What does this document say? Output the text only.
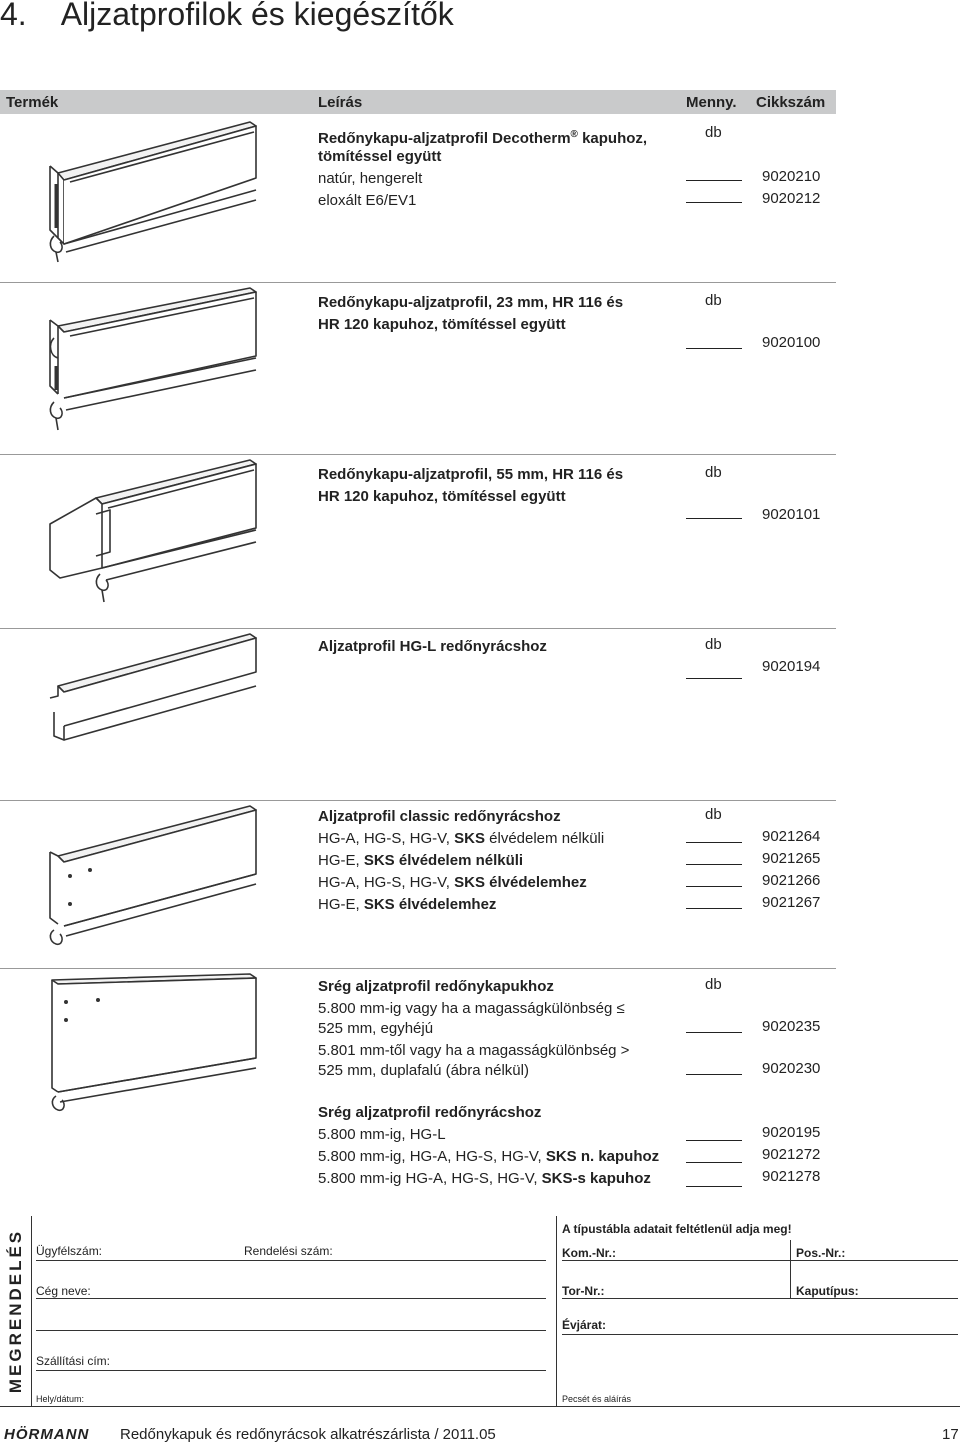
4. Aljzatprofilok és kiegészítők
Termék	Leírás	Menny. Cikkszám
Redőnykapu-aljzatprofil Decotherm® kapuhoz,
tömítéssel együtt
db
natúr, hengerelt	9020210
eloxált E6/EV1	9020212
Redőnykapu-aljzatprofil, 23 mm, HR 116 és
HR 120 kapuhoz, tömítéssel együtt
db
9020100
Redőnykapu-aljzatprofil, 55 mm, HR 116 és
HR 120 kapuhoz, tömítéssel együtt
db
9020101
Aljzatprofil HG-L redőnyrácshoz	db
9020194
Aljzatprofil classic redőnyrácshoz	db
HG-A, HG-S, HG-V, SKS élvédelem nélküli	9021264
HG-E, SKS élvédelem nélküli	9021265
HG-A, HG-S, HG-V, SKS élvédelemhez	9021266
HG-E, SKS élvédelemhez	9021267
Srég aljzatprofil redőnykapukhoz	db
5.800 mm-ig vagy ha a magasságkülönbség ≤
525 mm, egyhéjú	9020235
5.801 mm-től vagy ha a magasságkülönbség >
525 mm, duplafalú (ábra nélkül)	9020230
Srég aljzatprofil redőnyrácshoz
5.800 mm-ig, HG-L	9020195
5.800 mm-ig, HG-A, HG-S, HG-V, SKS n. kapuhoz	9021272
5.800 mm-ig HG-A, HG-S, HG-V, SKS-s kapuhoz	9021278
MEGRENDELÉS	A típustábla adatait feltétlenül adja meg!
Ügyfélszám:	Rendelési szám:	Kom.-Nr.:	Pos.-Nr.:
Cég neve:	Tor-Nr.:	Kaputípus:
Évjárat:
Szállítási cím:
Hely/dátum:	Pecsét és aláírás
HÖRMANN Redőnykapuk és redőnyrácsok alkatrészárlista / 2011.05	17
